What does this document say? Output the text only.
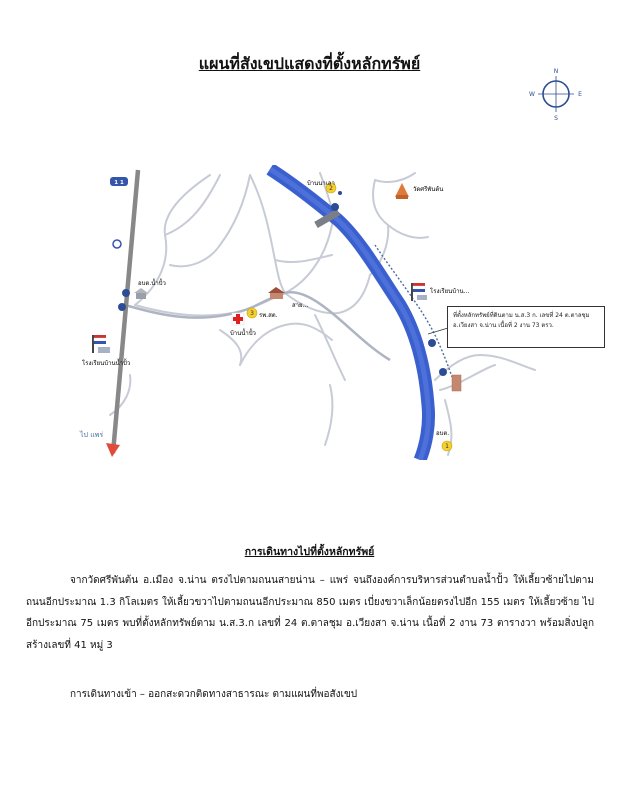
แผนที่สังเขปแสดงที่ตั้งหลักทรัพย์	N
E
S
W
1 1
อบต.น้ำปั้ว
โรงเรียนบ้านน้ำปั้ว
3 รพ.สต.
บ้านน้ำปั้ว
สาย...
2
บ้านนาเลา
วัดศรีพันต้น
โรงเรียนบ้าน...
1
อบต.
ไป แพร่
ที่ตั้งหลักทรัพย์ที่ดินตาม น.ส.3 ก. เลขที่ 24 ต.ตาลชุม
อ.เวียงสา จ.น่าน เนื้อที่ 2 งาน 73 ตรว.
การเดินทางไปที่ตั้งหลักทรัพย์

จากวัดศรีพันต้น อ.เมือง จ.น่าน ตรงไปตามถนนสายน่าน – แพร่ จนถึงองค์การบริหารส่วนตำบลน้ำปั้ว ให้เลี้ยวซ้ายไปตามถนนอีกประมาณ 1.3 กิโลเมตร ให้เลี้ยวขวาไปตามถนนอีกประมาณ 850 เมตร เบี่ยงขวาเล็กน้อยตรงไปอีก 155 เมตร ให้เลี้ยวซ้าย ไปอีกประมาณ 75 เมตร พบที่ตั้งหลักทรัพย์ตาม น.ส.3.ก เลขที่ 24 ต.ตาลชุม อ.เวียงสา จ.น่าน เนื้อที่ 2 งาน 73 ตารางวา พร้อมสิ่งปลูกสร้างเลขที่ 41 หมู่ 3

การเดินทางเข้า – ออกสะดวกติดทางสาธารณะ ตามแผนที่พอสังเขป
